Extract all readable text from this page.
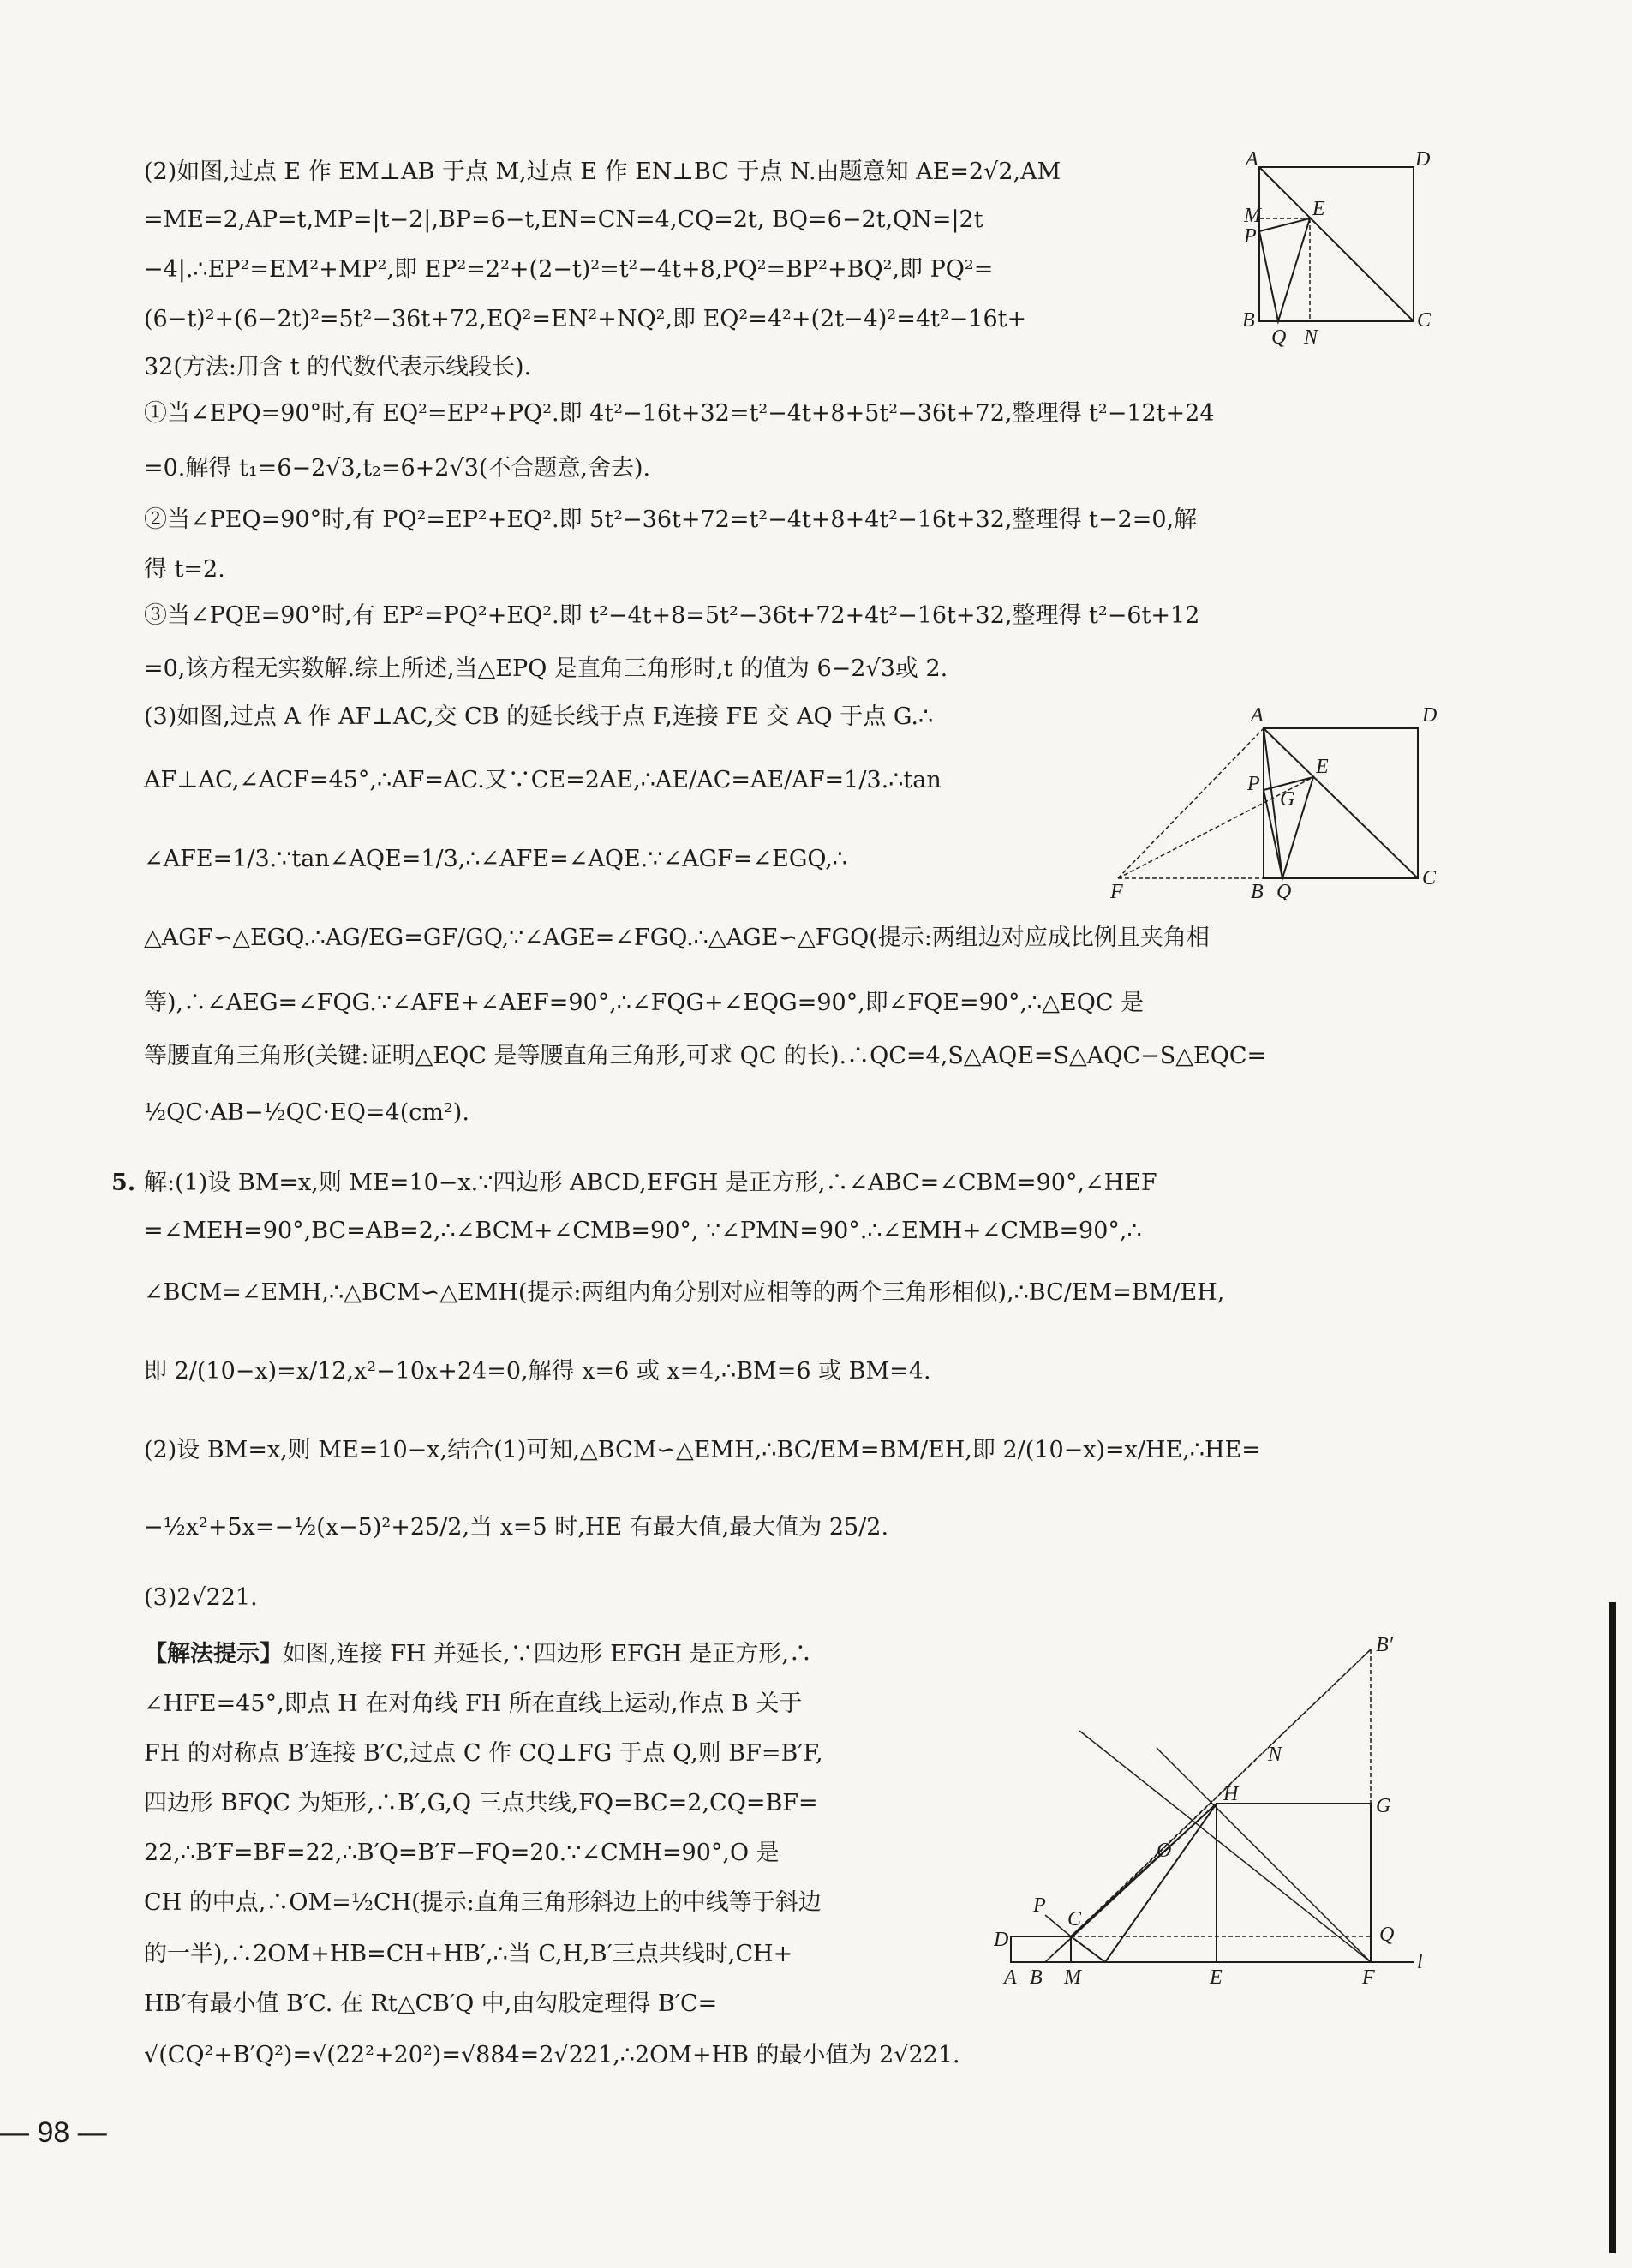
(2)如图,过点 E 作 EM⊥AB 于点 M,过点 E 作 EN⊥BC 于点 N.由题意知 AE=2√2,AM
=ME=2,AP=t,MP=|t−2|,BP=6−t,EN=CN=4,CQ=2t, BQ=6−2t,QN=|2t
−4|.∴EP²=EM²+MP²,即 EP²=2²+(2−t)²=t²−4t+8,PQ²=BP²+BQ²,即 PQ²=
(6−t)²+(6−2t)²=5t²−36t+72,EQ²=EN²+NQ²,即 EQ²=4²+(2t−4)²=4t²−16t+
32(方法:用含 t 的代数代表示线段长).
①当∠EPQ=90°时,有 EQ²=EP²+PQ².即 4t²−16t+32=t²−4t+8+5t²−36t+72,整理得 t²−12t+24
=0.解得 t₁=6−2√3,t₂=6+2√3(不合题意,舍去).
②当∠PEQ=90°时,有 PQ²=EP²+EQ².即 5t²−36t+72=t²−4t+8+4t²−16t+32,整理得 t−2=0,解
得 t=2.
③当∠PQE=90°时,有 EP²=PQ²+EQ².即 t²−4t+8=5t²−36t+72+4t²−16t+32,整理得 t²−6t+12
=0,该方程无实数解.综上所述,当△EPQ 是直角三角形时,t 的值为 6−2√3或 2.
A	D
M	E
P
B
Q N
C
(3)如图,过点 A 作 AF⊥AC,交 CB 的延长线于点 F,连接 FE 交 AQ 于点 G.∴
AF⊥AC,∠ACF=45°,∴AF=AC.又∵CE=2AE,∴AE/AC=AE/AF=1/3.∴tan
∠AFE=1/3.∵tan∠AQE=1/3,∴∠AFE=∠AQE.∵∠AGF=∠EGQ,∴
△AGF∽△EGQ.∴AG/EG=GF/GQ,∵∠AGE=∠FGQ.∴△AGE∽△FGQ(提示:两组边对应成比例且夹角相
等),∴∠AEG=∠FQG.∵∠AFE+∠AEF=90°,∴∠FQG+∠EQG=90°,即∠FQE=90°,∴△EQC 是
等腰直角三角形(关键:证明△EQC 是等腰直角三角形,可求 QC 的长).∴QC=4,S△AQE=S△AQC−S△EQC=
½QC·AB−½QC·EQ=4(cm²).
A	D
E
P
G
F	B Q
C
5. 解:(1)设 BM=x,则 ME=10−x.∵四边形 ABCD,EFGH 是正方形,∴∠ABC=∠CBM=90°,∠HEF
=∠MEH=90°,BC=AB=2,∴∠BCM+∠CMB=90°, ∵∠PMN=90°.∴∠EMH+∠CMB=90°,∴
∠BCM=∠EMH,∴△BCM∽△EMH(提示:两组内角分别对应相等的两个三角形相似),∴BC/EM=BM/EH,
即 2/(10−x)=x/12,x²−10x+24=0,解得 x=6 或 x=4,∴BM=6 或 BM=4.
(2)设 BM=x,则 ME=10−x,结合(1)可知,△BCM∽△EMH,∴BC/EM=BM/EH,即 2/(10−x)=x/HE,∴HE=
−½x²+5x=−½(x−5)²+25/2,当 x=5 时,HE 有最大值,最大值为 25/2.
(3)2√221.
【解法提示】如图,连接 FH 并延长,∵四边形 EFGH 是正方形,∴
∠HFE=45°,即点 H 在对角线 FH 所在直线上运动,作点 B 关于
FH 的对称点 B′连接 B′C,过点 C 作 CQ⊥FG 于点 Q,则 BF=B′F,
四边形 BFQC 为矩形,∴B′,G,Q 三点共线,FQ=BC=2,CQ=BF=
22,∴B′F=BF=22,∴B′Q=B′F−FQ=20.∵∠CMH=90°,O 是
CH 的中点,∴OM=½CH(提示:直角三角形斜边上的中线等于斜边
的一半),∴2OM+HB=CH+HB′,∴当 C,H,B′三点共线时,CH+
HB′有最小值 B′C. 在 Rt△CB′Q 中,由勾股定理得 B′C=
√(CQ²+B′Q²)=√(22²+20²)=√884=2√221,∴2OM+HB 的最小值为 2√221.
B′
N
H
G
O
P
C
D	Q
A B M	E	F
l
— 98 —
